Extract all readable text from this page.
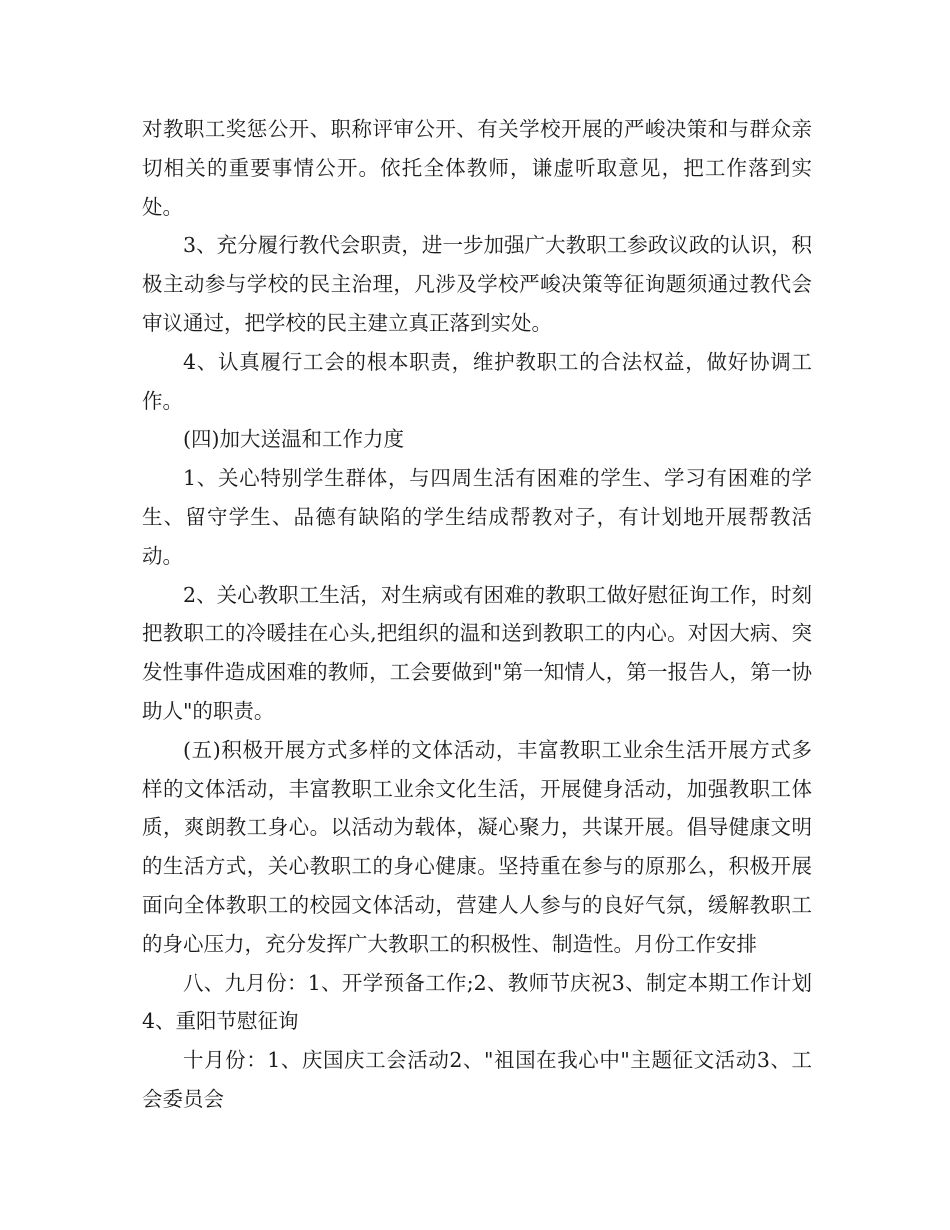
对教职工奖惩公开、职称评审公开、有关学校开展的严峻决策和与群众亲切相关的重要事情公开。依托全体教师，谦虚听取意见，把工作落到实处。

3、充分履行教代会职责，进一步加强广大教职工参政议政的认识，积极主动参与学校的民主治理，凡涉及学校严峻决策等征询题须通过教代会审议通过，把学校的民主建立真正落到实处。

4、认真履行工会的根本职责，维护教职工的合法权益，做好协调工作。

(四)加大送温和工作力度

1、关心特别学生群体，与四周生活有困难的学生、学习有困难的学生、留守学生、品德有缺陷的学生结成帮教对子，有计划地开展帮教活动。

2、关心教职工生活，对生病或有困难的教职工做好慰征询工作，时刻把教职工的冷暖挂在心头,把组织的温和送到教职工的内心。对因大病、突发性事件造成困难的教师，工会要做到"第一知情人，第一报告人，第一协助人"的职责。

(五)积极开展方式多样的文体活动，丰富教职工业余生活开展方式多样的文体活动，丰富教职工业余文化生活，开展健身活动，加强教职工体质，爽朗教工身心。以活动为载体，凝心聚力，共谋开展。倡导健康文明的生活方式，关心教职工的身心健康。坚持重在参与的原那么，积极开展面向全体教职工的校园文体活动，营建人人参与的良好气氛，缓解教职工的身心压力，充分发挥广大教职工的积极性、制造性。月份工作安排

八、九月份：1、开学预备工作;2、教师节庆祝3、制定本期工作计划4、重阳节慰征询

十月份：1、庆国庆工会活动2、"祖国在我心中"主题征文活动3、工会委员会
